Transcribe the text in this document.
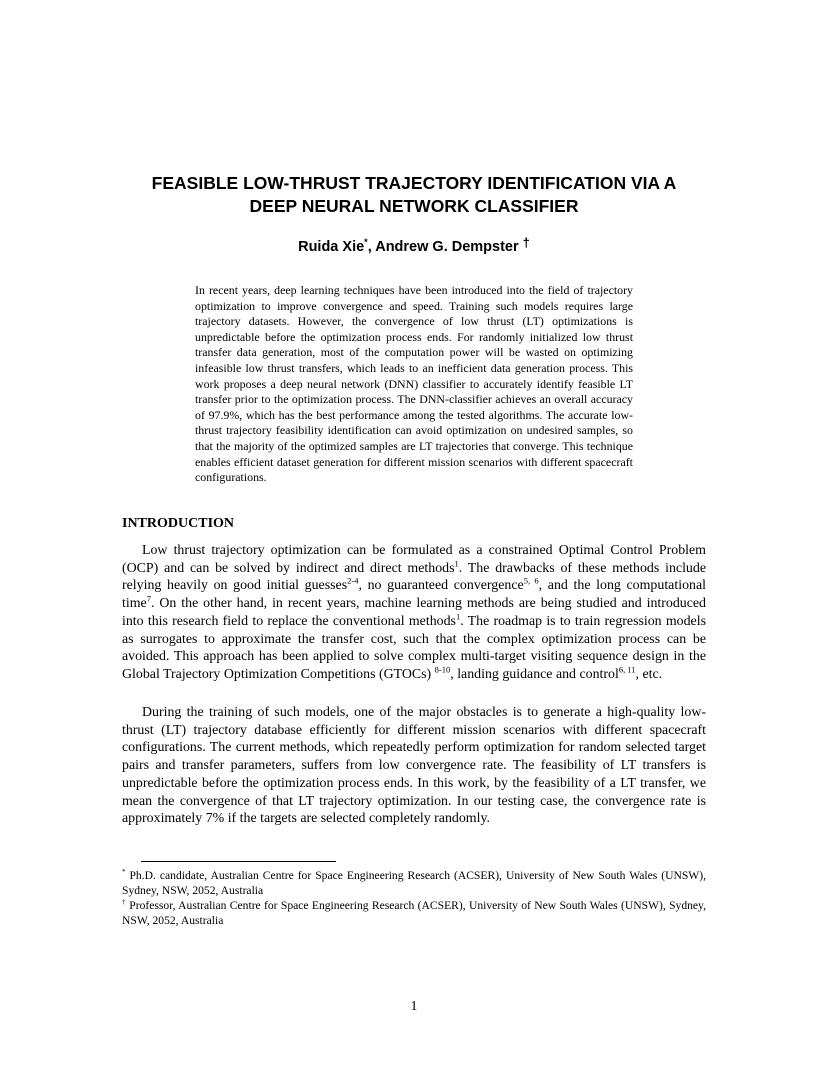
FEASIBLE LOW-THRUST TRAJECTORY IDENTIFICATION VIA A
DEEP NEURAL NETWORK CLASSIFIER

Ruida Xie*, Andrew G. Dempster †

In recent years, deep learning techniques have been introduced into the field of trajectory optimization to improve convergence and speed. Training such models requires large trajectory datasets. However, the convergence of low thrust (LT) optimizations is unpredictable before the optimization process ends. For randomly initialized low thrust transfer data generation, most of the computation power will be wasted on optimizing infeasible low thrust transfers, which leads to an inefficient data generation process. This work proposes a deep neural network (DNN) classifier to accurately identify feasible LT transfer prior to the optimization process. The DNN-classifier achieves an overall accuracy of 97.9%, which has the best performance among the tested algorithms. The accurate low-thrust trajectory feasibility identification can avoid optimization on undesired samples, so that the majority of the optimized samples are LT trajectories that converge. This technique enables efficient dataset generation for different mission scenarios with different spacecraft configurations.

INTRODUCTION

Low thrust trajectory optimization can be formulated as a constrained Optimal Control Problem (OCP) and can be solved by indirect and direct methods$^1$. The drawbacks of these methods include relying heavily on good initial guesses$^{2-4}$, no guaranteed convergence$^{5, 6}$, and the long computational time$^7$. On the other hand, in recent years, machine learning methods are being studied and introduced into this research field to replace the conventional methods$^1$. The roadmap is to train regression models as surrogates to approximate the transfer cost, such that the complex optimization process can be avoided. This approach has been applied to solve complex multi-target visiting sequence design in the Global Trajectory Optimization Competitions (GTOCs) $^{8-10}$, landing guidance and control$^{6, 11}$, etc.

During the training of such models, one of the major obstacles is to generate a high-quality low-thrust (LT) trajectory database efficiently for different mission scenarios with different spacecraft configurations. The current methods, which repeatedly perform optimization for random selected target pairs and transfer parameters, suffers from low convergence rate. The feasibility of LT transfers is unpredictable before the optimization process ends. In this work, by the feasibility of a LT transfer, we mean the convergence of that LT trajectory optimization. In our testing case, the convergence rate is approximately 7% if the targets are selected completely randomly.

* Ph.D. candidate, Australian Centre for Space Engineering Research (ACSER), University of New South Wales (UNSW), Sydney, NSW, 2052, Australia

† Professor, Australian Centre for Space Engineering Research (ACSER), University of New South Wales (UNSW), Sydney, NSW, 2052, Australia

1
